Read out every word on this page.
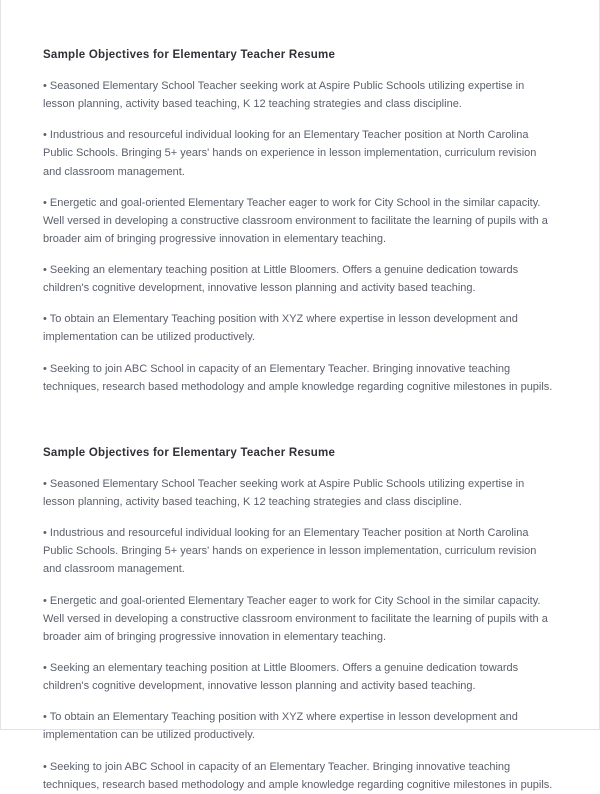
Sample Objectives for Elementary Teacher Resume

• Seasoned Elementary School Teacher seeking work at Aspire Public Schools utilizing expertise in lesson planning, activity based teaching, K 12 teaching strategies and class discipline.

• Industrious and resourceful individual looking for an Elementary Teacher position at North Carolina Public Schools. Bringing 5+ years' hands on experience in lesson implementation, curriculum revision and classroom management.

• Energetic and goal-oriented Elementary Teacher eager to work for City School in the similar capacity. Well versed in developing a constructive classroom environment to facilitate the learning of pupils with a broader aim of bringing progressive innovation in elementary teaching.

• Seeking an elementary teaching position at Little Bloomers. Offers a genuine dedication towards children's cognitive development, innovative lesson planning and activity based teaching.

• To obtain an Elementary Teaching position with XYZ where expertise in lesson development and implementation can be utilized productively.

• Seeking to join ABC School in capacity of an Elementary Teacher. Bringing innovative teaching techniques, research based methodology and ample knowledge regarding cognitive milestones in pupils.

Sample Objectives for Elementary Teacher Resume

• Seasoned Elementary School Teacher seeking work at Aspire Public Schools utilizing expertise in lesson planning, activity based teaching, K 12 teaching strategies and class discipline.

• Industrious and resourceful individual looking for an Elementary Teacher position at North Carolina Public Schools. Bringing 5+ years' hands on experience in lesson implementation, curriculum revision and classroom management.

• Energetic and goal-oriented Elementary Teacher eager to work for City School in the similar capacity. Well versed in developing a constructive classroom environment to facilitate the learning of pupils with a broader aim of bringing progressive innovation in elementary teaching.

• Seeking an elementary teaching position at Little Bloomers. Offers a genuine dedication towards children's cognitive development, innovative lesson planning and activity based teaching.

• To obtain an Elementary Teaching position with XYZ where expertise in lesson development and implementation can be utilized productively.

• Seeking to join ABC School in capacity of an Elementary Teacher. Bringing innovative teaching techniques, research based methodology and ample knowledge regarding cognitive milestones in pupils.
